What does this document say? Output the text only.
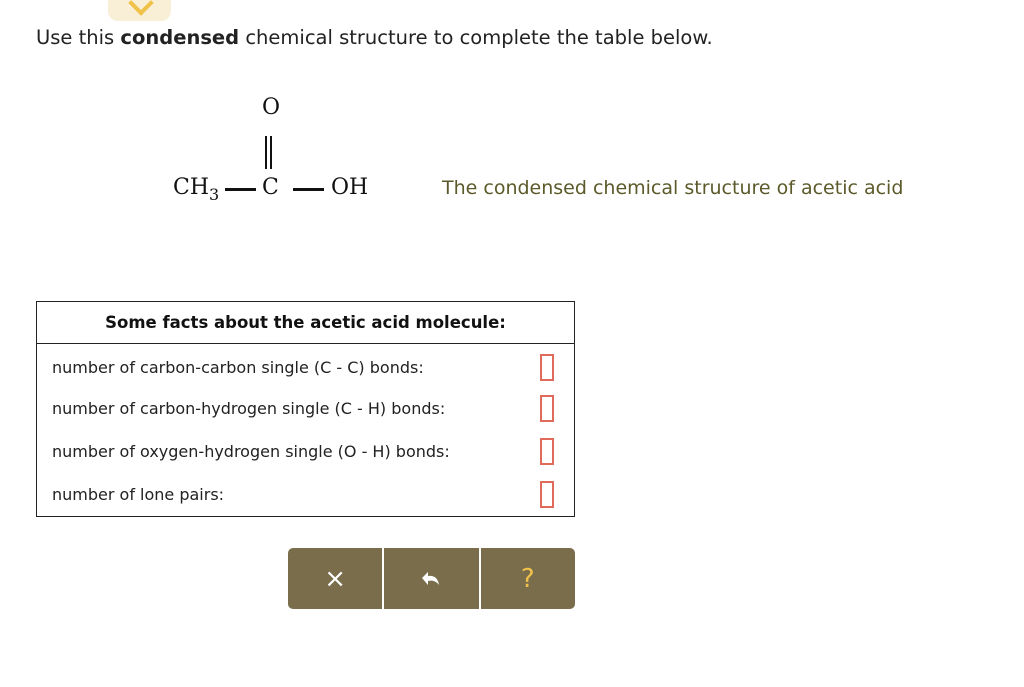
Use this condensed chemical structure to complete the table below.
O
$CH_3$ C OH	The condensed chemical structure of acetic acid
Some facts about the acetic acid molecule:
number of carbon-carbon single (C - C) bonds:
number of carbon-hydrogen single (C - H) bonds:
number of oxygen-hydrogen single (O - H) bonds:
number of lone pairs:
×	?
